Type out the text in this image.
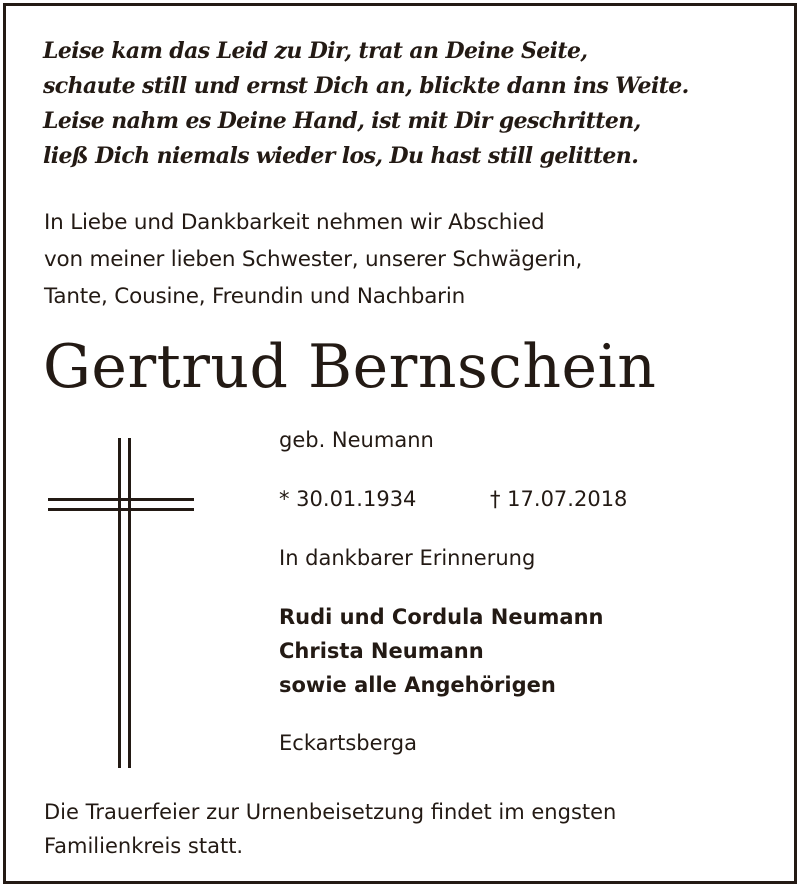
Leise kam das Leid zu Dir, trat an Deine Seite,
schaute still und ernst Dich an, blickte dann ins Weite.
Leise nahm es Deine Hand, ist mit Dir geschritten,
ließ Dich niemals wieder los, Du hast still gelitten.
In Liebe und Dankbarkeit nehmen wir Abschied
von meiner lieben Schwester, unserer Schwägerin,
Tante, Cousine, Freundin und Nachbarin
Gertrud Bernschein
geb. Neumann
* 30.01.1934	† 17.07.2018
In dankbarer Erinnerung
Rudi und Cordula Neumann
Christa Neumann
sowie alle Angehörigen
Eckartsberga
Die Trauerfeier zur Urnenbeisetzung findet im engsten
Familienkreis statt.
